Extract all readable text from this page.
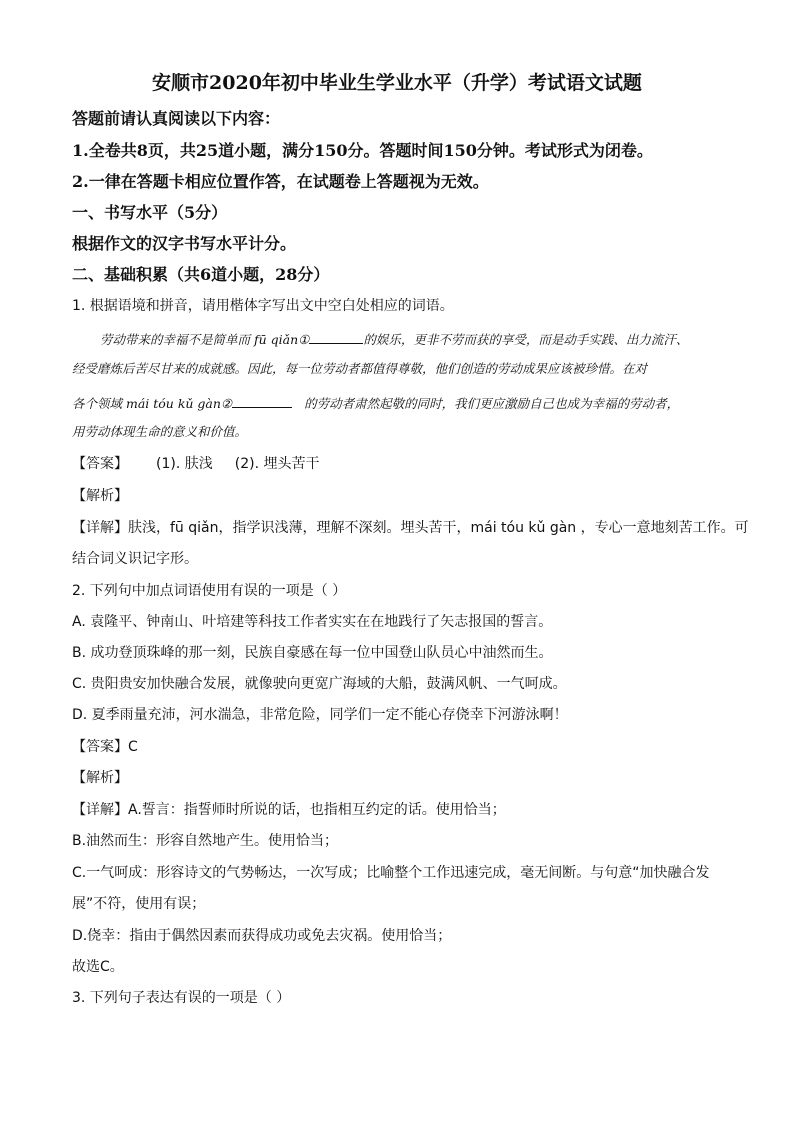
安顺市2020年初中毕业生学业水平（升学）考试语文试题
答题前请认真阅读以下内容：
1.全卷共8页，共25道小题，满分150分。答题时间150分钟。考试形式为闭卷。
2.一律在答题卡相应位置作答，在试题卷上答题视为无效。
一、书写水平（5分）
根据作文的汉字书写水平计分。
二、基础积累（共6道小题，28分）
1. 根据语境和拼音，请用楷体字写出文中空白处相应的词语。
劳动带来的幸福不是简单而 fū qiǎn①	的娱乐，更非不劳而获的享受，而是动手实践、出力流汗、
经受磨炼后苦尽甘来的成就感。因此，每一位劳动者都值得尊敬，他们创造的劳动成果应该被珍惜。在对
各个领域 mái tóu kǔ gàn②	的劳动者肃然起敬的同时，我们更应激励自己也成为幸福的劳动者，
用劳动体现生命的意义和价值。
【答案】 (1). 肤浅 (2). 埋头苦干
【解析】
【详解】肤浅，fū qiǎn，指学识浅薄，理解不深刻。埋头苦干，mái tóu kǔ gàn ，专心一意地刻苦工作。可
结合词义识记字形。
2. 下列句中加点词语使用有误的一项是（ ）
A. 袁隆平、钟南山、叶培建等科技工作者实实在在地践行了矢志报国的誓言。
B. 成功登顶珠峰的那一刻，民族自豪感在每一位中国登山队员心中油然而生。
C. 贵阳贵安加快融合发展，就像驶向更宽广海域的大船，鼓满风帆、一气呵成。
D. 夏季雨量充沛，河水湍急，非常危险，同学们一定不能心存侥幸下河游泳啊！
【答案】C
【解析】
【详解】A.誓言：指誓师时所说的话，也指相互约定的话。使用恰当；
B.油然而生：形容自然地产生。使用恰当；
C.一气呵成：形容诗文的气势畅达，一次写成；比喻整个工作迅速完成，毫无间断。与句意“加快融合发
展”不符，使用有误；
D.侥幸：指由于偶然因素而获得成功或免去灾祸。使用恰当；
故选C。
3. 下列句子表达有误的一项是（ ）
